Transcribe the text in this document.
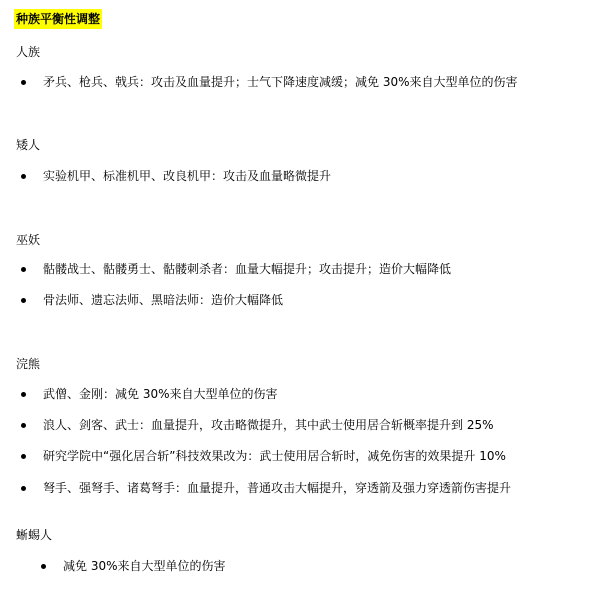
种族平衡性调整
人族
矛兵、枪兵、戟兵：攻击及血量提升；士气下降速度减缓；减免 30%来自大型单位的伤害
矮人
实验机甲、标准机甲、改良机甲：攻击及血量略微提升
巫妖
骷髅战士、骷髅勇士、骷髅刺杀者：血量大幅提升；攻击提升；造价大幅降低
骨法师、遗忘法师、黑暗法师：造价大幅降低
浣熊
武僧、金刚：减免 30%来自大型单位的伤害
浪人、剑客、武士：血量提升，攻击略微提升，其中武士使用居合斩概率提升到 25%
研究学院中“强化居合斩”科技效果改为：武士使用居合斩时，减免伤害的效果提升 10%
弩手、强弩手、诸葛弩手：血量提升，普通攻击大幅提升，穿透箭及强力穿透箭伤害提升
蜥蜴人
减免 30%来自大型单位的伤害
